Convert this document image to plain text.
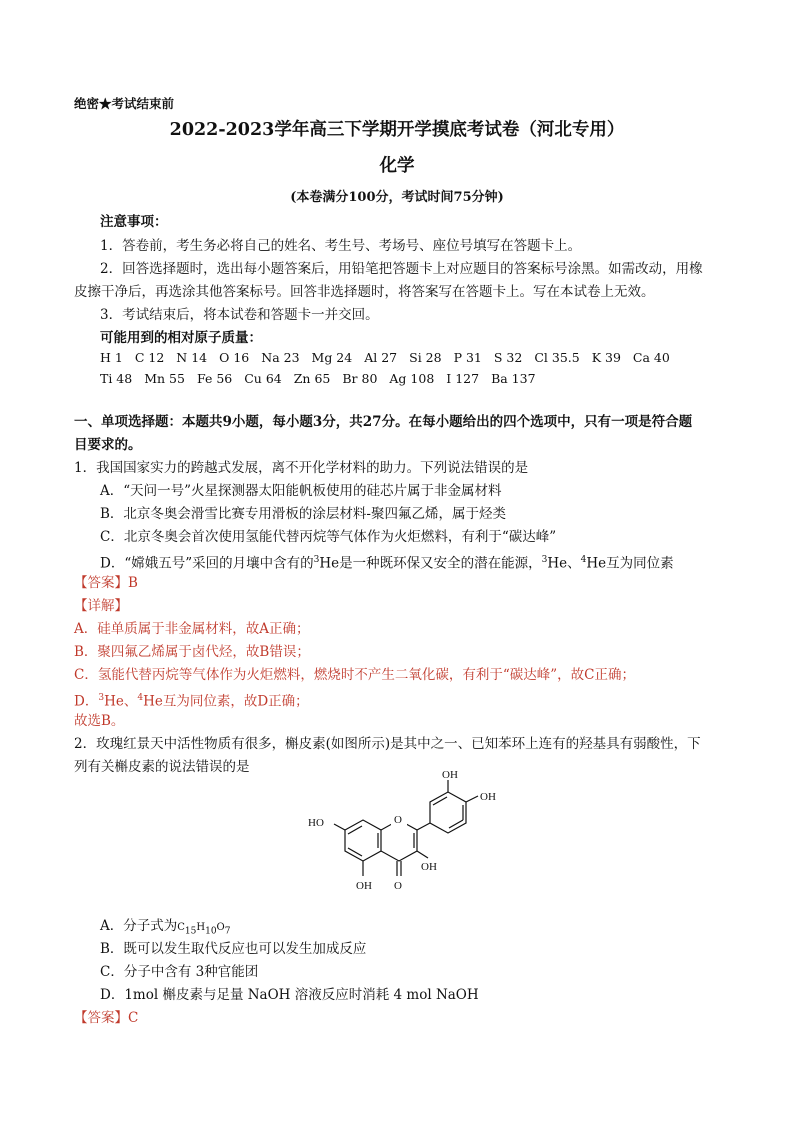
绝密★考试结束前
2022-2023学年高三下学期开学摸底考试卷（河北专用）
化学
(本卷满分100分，考试时间75分钟)
注意事项：
1．答卷前，考生务必将自己的姓名、考生号、考场号、座位号填写在答题卡上。
2．回答选择题时，选出每小题答案后，用铅笔把答题卡上对应题目的答案标号涂黑。如需改动，用橡
皮擦干净后，再选涂其他答案标号。回答非选择题时，将答案写在答题卡上。写在本试卷上无效。
3．考试结束后，将本试卷和答题卡一并交回。
可能用到的相对原子质量：
H 1 C 12 N 14 O 16 Na 23 Mg 24 Al 27 Si 28 P 31 S 32 Cl 35.5 K 39 Ca 40
Ti 48 Mn 55 Fe 56 Cu 64 Zn 65 Br 80 Ag 108 I 127 Ba 137
一、单项选择题：本题共9小题，每小题3分，共27分。在每小题给出的四个选项中，只有一项是符合题
目要求的。
1．我国国家实力的跨越式发展，离不开化学材料的助力。下列说法错误的是
A．“天问一号”火星探测器太阳能帆板使用的硅芯片属于非金属材料
B．北京冬奥会滑雪比赛专用滑板的涂层材料-聚四氟乙烯，属于烃类
C．北京冬奥会首次使用氢能代替丙烷等气体作为火炬燃料，有利于“碳达峰”
D．“嫦娥五号”采回的月壤中含有的$^3$He是一种既环保又安全的潜在能源，$^3$He、$^4$He互为同位素
【答案】B
【详解】
A．硅单质属于非金属材料，故A正确；
B．聚四氟乙烯属于卤代烃，故B错误；
C．氢能代替丙烷等气体作为火炬燃料，燃烧时不产生二氧化碳，有利于“碳达峰”，故C正确；
D．$^3$He、$^4$He互为同位素，故D正确；
故选B。
2．玫瑰红景天中活性物质有很多，槲皮素(如图所示)是其中之一、已知苯环上连有的羟基具有弱酸性，下
列有关槲皮素的说法错误的是
O
OH
OH
HO
OH O
OH
A．分子式为$C_{15}H_{10}O_7$
B．既可以发生取代反应也可以发生加成反应
C．分子中含有 3种官能团
D．1mol 槲皮素与足量 NaOH 溶液反应时消耗 4 mol NaOH
【答案】C
